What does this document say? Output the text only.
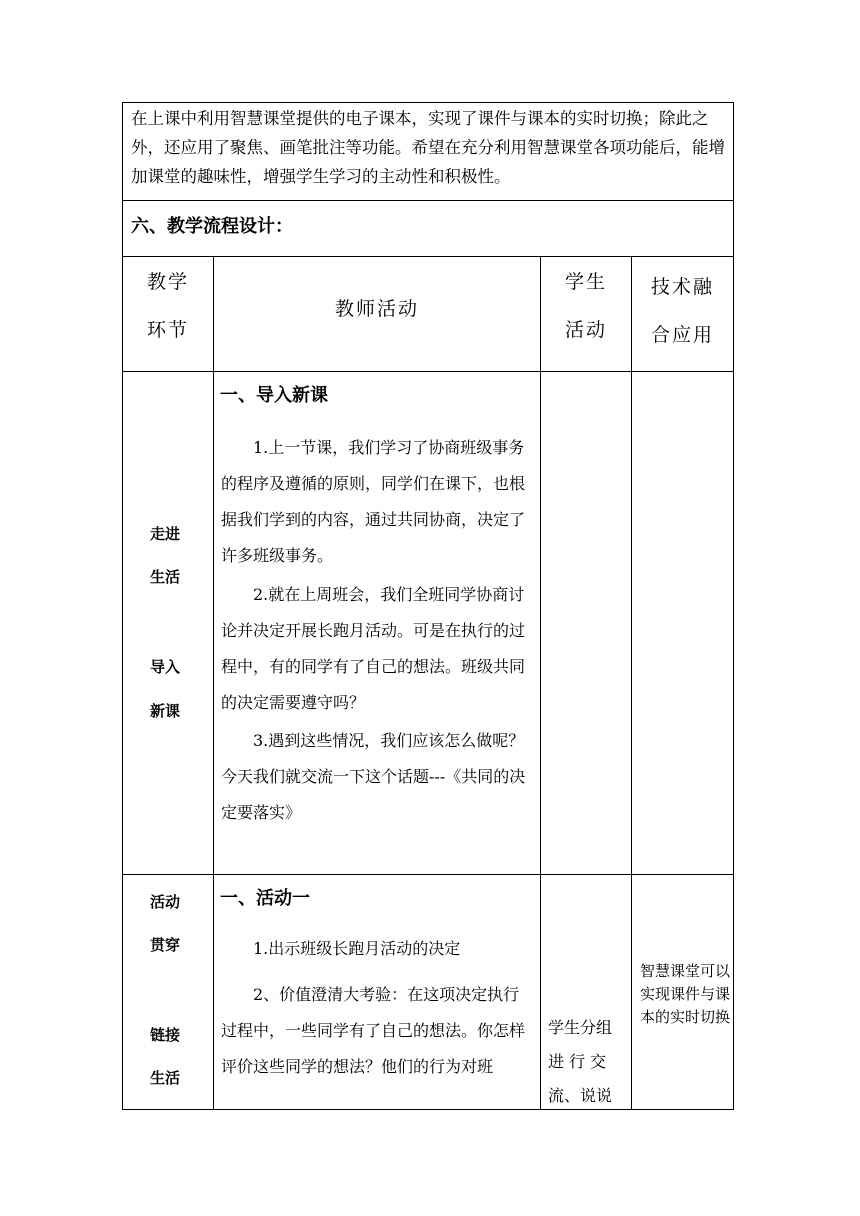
在上课中利用智慧课堂提供的电子课本，实现了课件与课本的实时切换；除此之外，还应用了聚焦、画笔批注等功能。希望在充分利用智慧课堂各项功能后，能增加课堂的趣味性，增强学生学习的主动性和积极性。
六、教学流程设计：
教学
环节
教师活动
学生
活动
技术融
合应用
走进
生活
导入
新课
一、导入新课
1.上一节课，我们学习了协商班级事务的程序及遵循的原则，同学们在课下，也根据我们学到的内容，通过共同协商，决定了许多班级事务。
2.就在上周班会，我们全班同学协商讨论并决定开展长跑月活动。可是在执行的过程中，有的同学有了自己的想法。班级共同的决定需要遵守吗？
3.遇到这些情况，我们应该怎么做呢？今天我们就交流一下这个话题---《共同的决定要落实》
活动
贯穿
链接
生活
一、活动一
1.出示班级长跑月活动的决定
2、价值澄清大考验：在这项决定执行过程中，一些同学有了自己的想法。你怎样评价这些同学的想法？他们的行为对班
学生分组
进 行 交
流、说说
智慧课堂可以实现课件与课本的实时切换
